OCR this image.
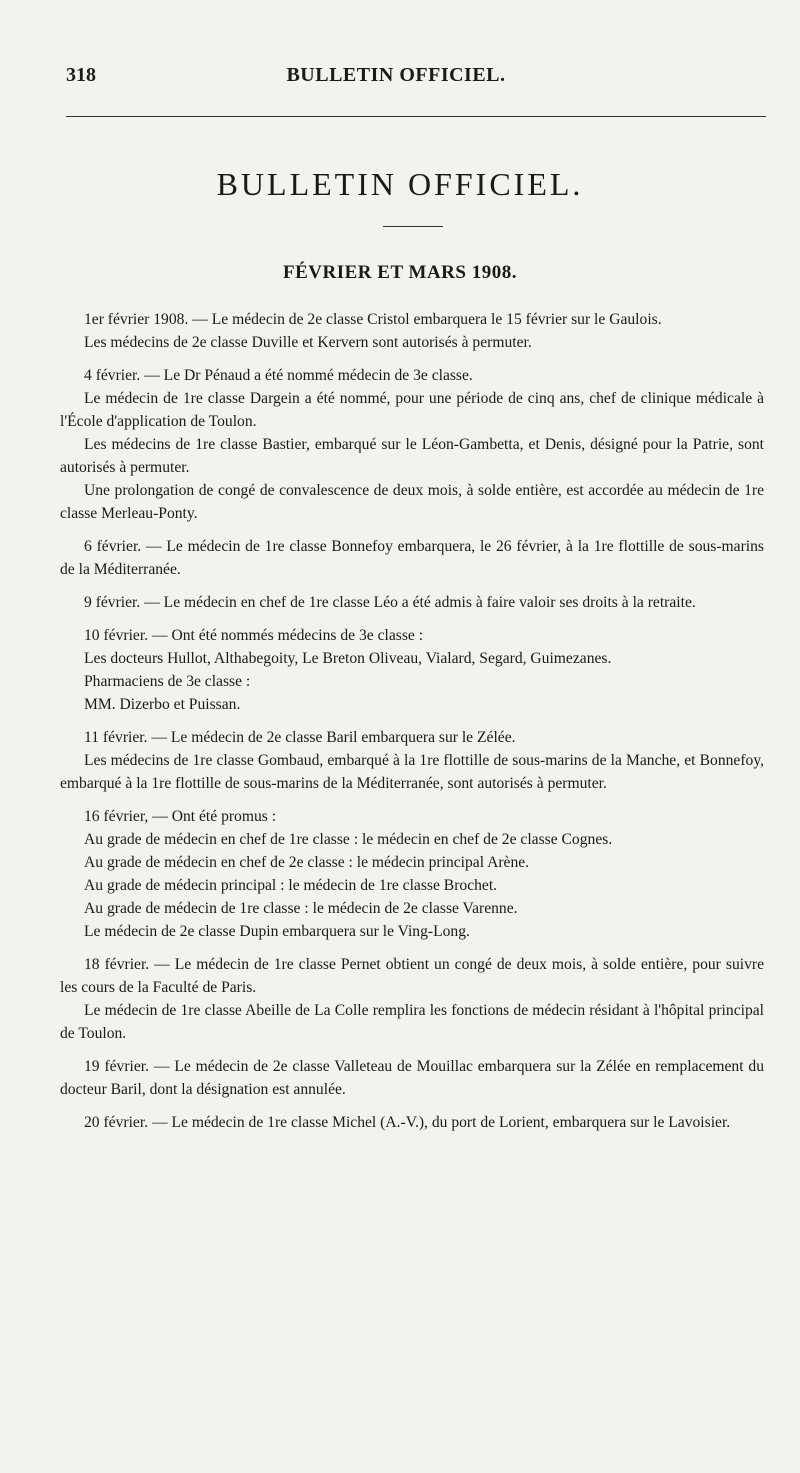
318	BULLETIN OFFICIEL.
BULLETIN OFFICIEL.
FÉVRIER ET MARS 1908.

1er février 1908. — Le médecin de 2e classe Cristol embarquera le 15 février sur le Gaulois.

Les médecins de 2e classe Duville et Kervern sont autorisés à permuter.

4 février. — Le Dr Pénaud a été nommé médecin de 3e classe.

Le médecin de 1re classe Dargein a été nommé, pour une période de cinq ans, chef de clinique médicale à l'École d'application de Toulon.

Les médecins de 1re classe Bastier, embarqué sur le Léon-Gambetta, et Denis, désigné pour la Patrie, sont autorisés à permuter.

Une prolongation de congé de convalescence de deux mois, à solde entière, est accordée au médecin de 1re classe Merleau-Ponty.

6 février. — Le médecin de 1re classe Bonnefoy embarquera, le 26 février, à la 1re flottille de sous-marins de la Méditerranée.

9 février. — Le médecin en chef de 1re classe Léo a été admis à faire valoir ses droits à la retraite.

10 février. — Ont été nommés médecins de 3e classe :

Les docteurs Hullot, Althabegoity, Le Breton Oliveau, Vialard, Segard, Guimezanes.

Pharmaciens de 3e classe :

MM. Dizerbo et Puissan.

11 février. — Le médecin de 2e classe Baril embarquera sur le Zélée.

Les médecins de 1re classe Gombaud, embarqué à la 1re flottille de sous-marins de la Manche, et Bonnefoy, embarqué à la 1re flottille de sous-marins de la Méditerranée, sont autorisés à permuter.

16 février, — Ont été promus :

Au grade de médecin en chef de 1re classe : le médecin en chef de 2e classe Cognes.

Au grade de médecin en chef de 2e classe : le médecin principal Arène.

Au grade de médecin principal : le médecin de 1re classe Brochet.

Au grade de médecin de 1re classe : le médecin de 2e classe Varenne.

Le médecin de 2e classe Dupin embarquera sur le Ving-Long.

18 février. — Le médecin de 1re classe Pernet obtient un congé de deux mois, à solde entière, pour suivre les cours de la Faculté de Paris.

Le médecin de 1re classe Abeille de La Colle remplira les fonctions de médecin résidant à l'hôpital principal de Toulon.

19 février. — Le médecin de 2e classe Valleteau de Mouillac embarquera sur la Zélée en remplacement du docteur Baril, dont la désignation est annulée.

20 février. — Le médecin de 1re classe Michel (A.-V.), du port de Lorient, embarquera sur le Lavoisier.
